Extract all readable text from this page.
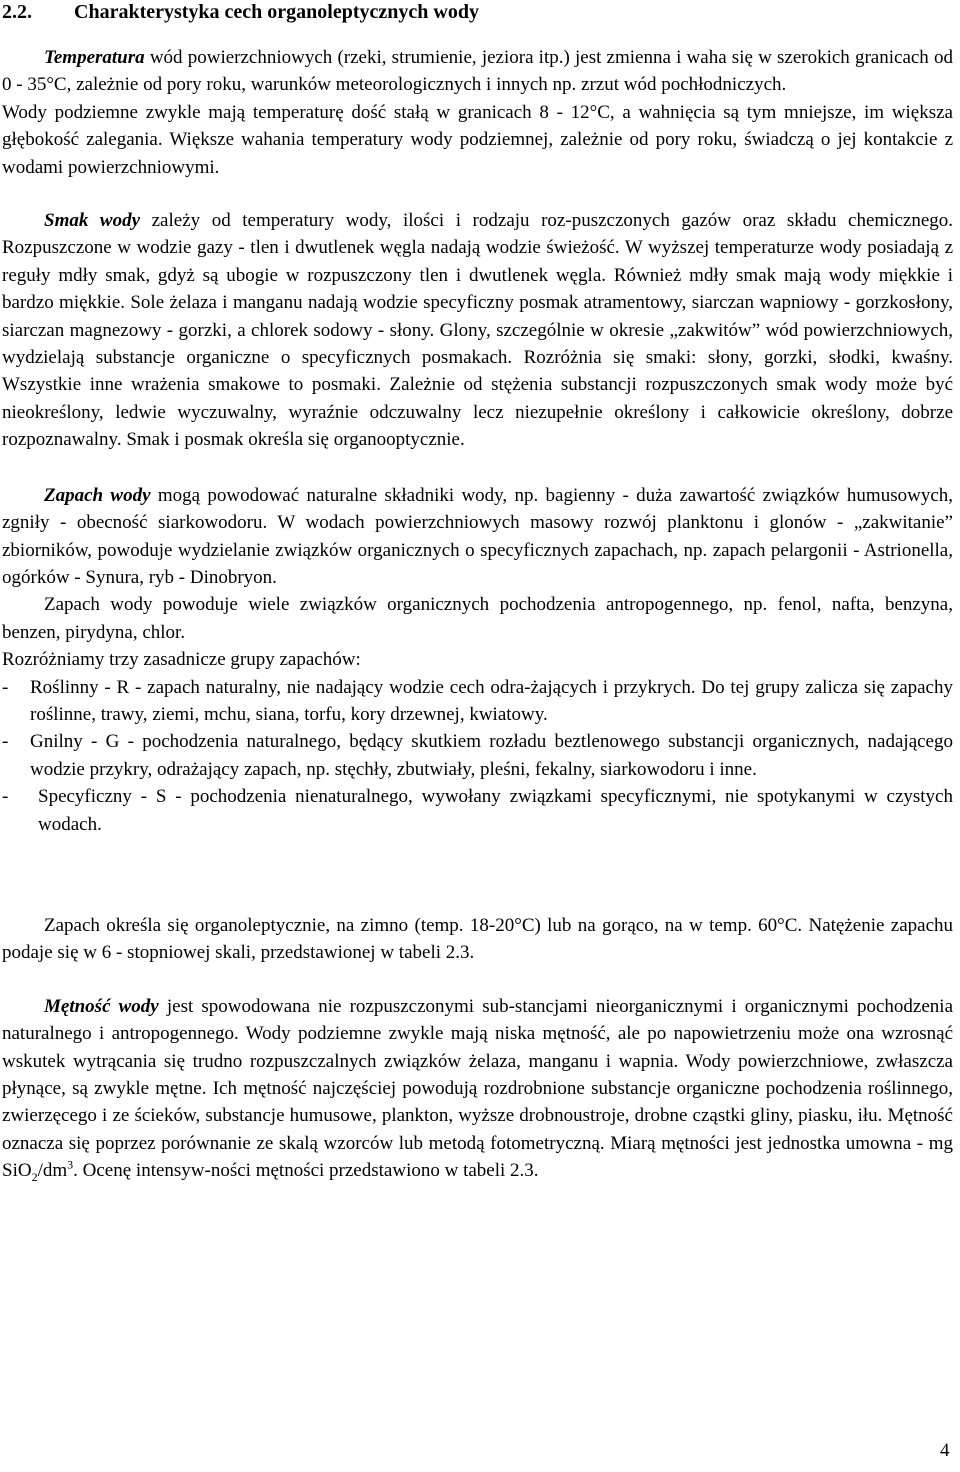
2.2. Charakterystyka cech organoleptycznych wody

Temperatura wód powierzchniowych (rzeki, strumienie, jeziora itp.) jest zmienna i waha się w szerokich granicach od 0 - 35°C, zależnie od pory roku, warunków meteorologicznych i innych np. zrzut wód pochłodniczych.

Wody podziemne zwykle mają temperaturę dość stałą w granicach 8 - 12°C, a wahnięcia są tym mniejsze, im większa głębokość zalegania. Większe wahania temperatury wody podziemnej, zależnie od pory roku, świadczą o jej kontakcie z wodami powierzchniowymi.

Smak wody zależy od temperatury wody, ilości i rodzaju roz-puszczonych gazów oraz składu chemicznego. Rozpuszczone w wodzie gazy - tlen i dwutlenek węgla nadają wodzie świeżość. W wyższej temperaturze wody posiadają z reguły mdły smak, gdyż są ubogie w rozpuszczony tlen i dwutlenek węgla. Również mdły smak mają wody miękkie i bardzo miękkie. Sole żelaza i manganu nadają wodzie specyficzny posmak atramentowy, siarczan wapniowy - gorzkosłony, siarczan magnezowy - gorzki, a chlorek sodowy - słony. Glony, szczególnie w okresie „zakwitów” wód powierzchniowych, wydzielają substancje organiczne o specyficznych posmakach. Rozróżnia się smaki: słony, gorzki, słodki, kwaśny. Wszystkie inne wrażenia smakowe to posmaki. Zależnie od stężenia substancji rozpuszczonych smak wody może być nieokreślony, ledwie wyczuwalny, wyraźnie odczuwalny lecz niezupełnie określony i całkowicie określony, dobrze rozpoznawalny. Smak i posmak określa się organooptycznie.

Zapach wody mogą powodować naturalne składniki wody, np. bagienny - duża zawartość związków humusowych, zgniły - obecność siarkowodoru. W wodach powierzchniowych masowy rozwój planktonu i glonów - „zakwitanie” zbiorników, powoduje wydzielanie związków organicznych o specyficznych zapachach, np. zapach pelargonii - Astrionella, ogórków - Synura, ryb - Dinobryon.

Zapach wody powoduje wiele związków organicznych pochodzenia antropogennego, np. fenol, nafta, benzyna, benzen, pirydyna, chlor.

Rozróżniamy trzy zasadnicze grupy zapachów:

-	Roślinny - R - zapach naturalny, nie nadający wodzie cech odra-żających i przykrych. Do tej grupy zalicza się zapachy roślinne, trawy, ziemi, mchu, siana, torfu, kory drzewnej, kwiatowy.
-	Gnilny - G - pochodzenia naturalnego, będący skutkiem rozładu beztlenowego substancji organicznych, nadającego wodzie przykry, odrażający zapach, np. stęchły, zbutwiały, pleśni, fekalny, siarkowodoru i inne.
-	Specyficzny - S - pochodzenia nienaturalnego, wywołany związkami specyficznymi, nie spotykanymi w czystych wodach.

Zapach określa się organoleptycznie, na zimno (temp. 18-20°C) lub na gorąco, na w temp. 60°C. Natężenie zapachu podaje się w 6 - stopniowej skali, przedstawionej w tabeli 2.3.

Mętność wody jest spowodowana nie rozpuszczonymi sub-stancjami nieorganicznymi i organicznymi pochodzenia naturalnego i antropogennego. Wody podziemne zwykle mają niska mętność, ale po napowietrzeniu może ona wzrosnąć wskutek wytrącania się trudno rozpuszczalnych związków żelaza, manganu i wapnia. Wody powierzchniowe, zwłaszcza płynące, są zwykle mętne. Ich mętność najczęściej powodują rozdrobnione substancje organiczne pochodzenia roślinnego, zwierzęcego i ze ścieków, substancje humusowe, plankton, wyższe drobnoustroje, drobne cząstki gliny, piasku, iłu. Mętność oznacza się poprzez porównanie ze skalą wzorców lub metodą fotometryczną. Miarą mętności jest jednostka umowna - mg $SiO_2/dm^3$. Ocenę intensyw-ności mętności przedstawiono w tabeli 2.3.

4
